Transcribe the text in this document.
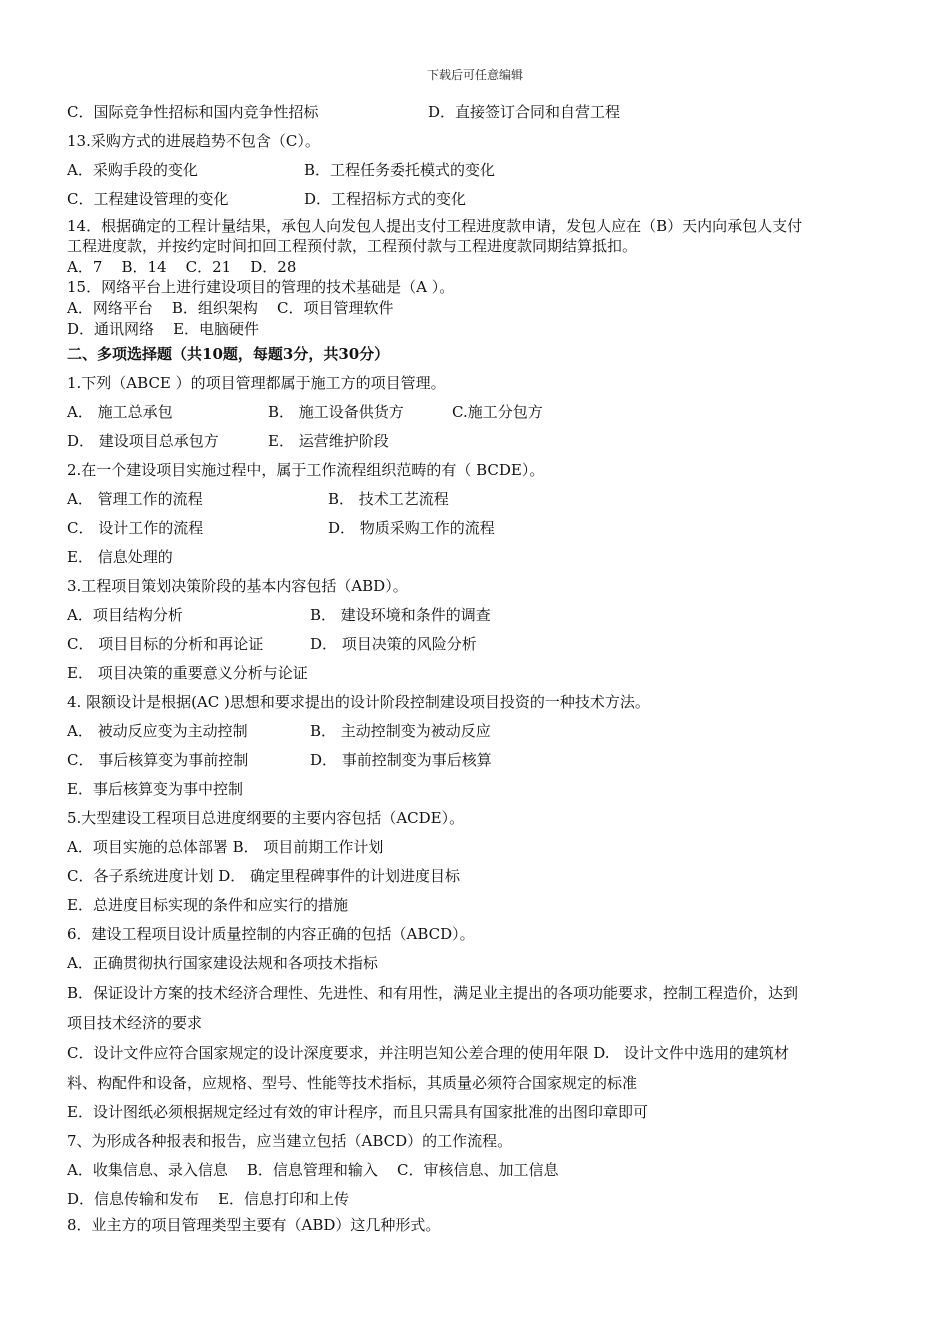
下载后可任意编辑
C．国际竞争性招标和国内竞争性招标	D．直接签订合同和自营工程
13.采购方式的进展趋势不包含（C）。
A．采购手段的变化	B．工程任务委托模式的变化
C．工程建设管理的变化	D．工程招标方式的变化
14．根据确定的工程计量结果，承包人向发包人提出支付工程进度款申请，发包人应在（B）天内向承包人支付
工程进度款，并按约定时间扣回工程预付款，工程预付款与工程进度款同期结算抵扣。
A．7    B．14    C．21    D．28
15．网络平台上进行建设项目的管理的技术基础是（A ）。
A．网络平台    B．组织架构    C．项目管理软件
D．通讯网络    E．电脑硬件
二、多项选择题（共10题，每题3分，共30分）
1.下列（ABCE ）的项目管理都属于施工方的项目管理。
A． 施工总承包	B． 施工设备供货方	C.施工分包方
D． 建设项目总承包方	E． 运营维护阶段
2.在一个建设项目实施过程中，属于工作流程组织范畴的有（ BCDE）。
A． 管理工作的流程	B． 技术工艺流程
C． 设计工作的流程	D． 物质采购工作的流程
E． 信息处理的
3.工程项目策划决策阶段的基本内容包括（ABD）。
A．项目结构分析	B． 建设环境和条件的调查
C． 项目目标的分析和再论证	D． 项目决策的风险分析
E． 项目决策的重要意义分析与论证
4. 限额设计是根据(AC )思想和要求提出的设计阶段控制建设项目投资的一种技术方法。
A． 被动反应变为主动控制	B． 主动控制变为被动反应
C． 事后核算变为事前控制	D． 事前控制变为事后核算
E．事后核算变为事中控制
5.大型建设工程项目总进度纲要的主要内容包括（ACDE）。
A．项目实施的总体部署 B． 项目前期工作计划
C．各子系统进度计划 D． 确定里程碑事件的计划进度目标
E．总进度目标实现的条件和应实行的措施
6．建设工程项目设计质量控制的内容正确的包括（ABCD）。
A．正确贯彻执行国家建设法规和各项技术指标
B．保证设计方案的技术经济合理性、先进性、和有用性，满足业主提出的各项功能要求，控制工程造价，达到
项目技术经济的要求
C．设计文件应符合国家规定的设计深度要求，并注明岂知公差合理的使用年限 D.   设计文件中选用的建筑材
料、构配件和设备，应规格、型号、性能等技术指标，其质量必须符合国家规定的标准
E．设计图纸必须根据规定经过有效的审计程序，而且只需具有国家批准的出图印章即可
7、为形成各种报表和报告，应当建立包括（ABCD）的工作流程。
A．收集信息、录入信息    B．信息管理和输入    C．审核信息、加工信息
D．信息传输和发布    E．信息打印和上传
8．业主方的项目管理类型主要有（ABD）这几种形式。
